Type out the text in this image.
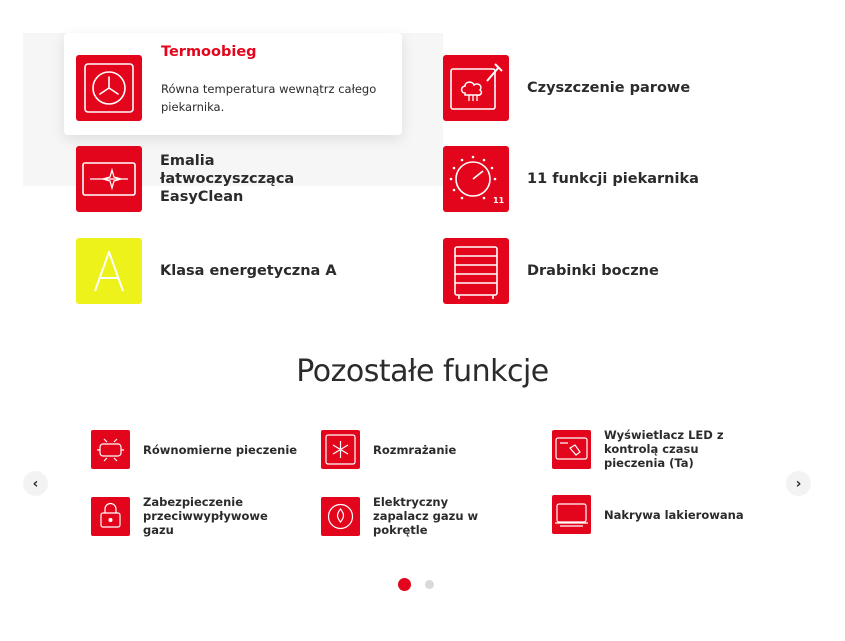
Termoobieg
Równa temperatura wewnątrz całego piekarnika.
Czyszczenie parowe
Emalia łatwoczyszcząca EasyClean	11
11 funkcji piekarnika
Klasa energetyczna A	Drabinki boczne
Pozostałe funkcje
‹	›
Równomierne pieczenie	Rozmrażanie
Wyświetlacz LED z kontrolą czasu pieczenia (Ta)
Zabezpieczenie przeciwwypływowe gazu
Elektryczny zapalacz gazu w pokrętle
Nakrywa lakierowana
